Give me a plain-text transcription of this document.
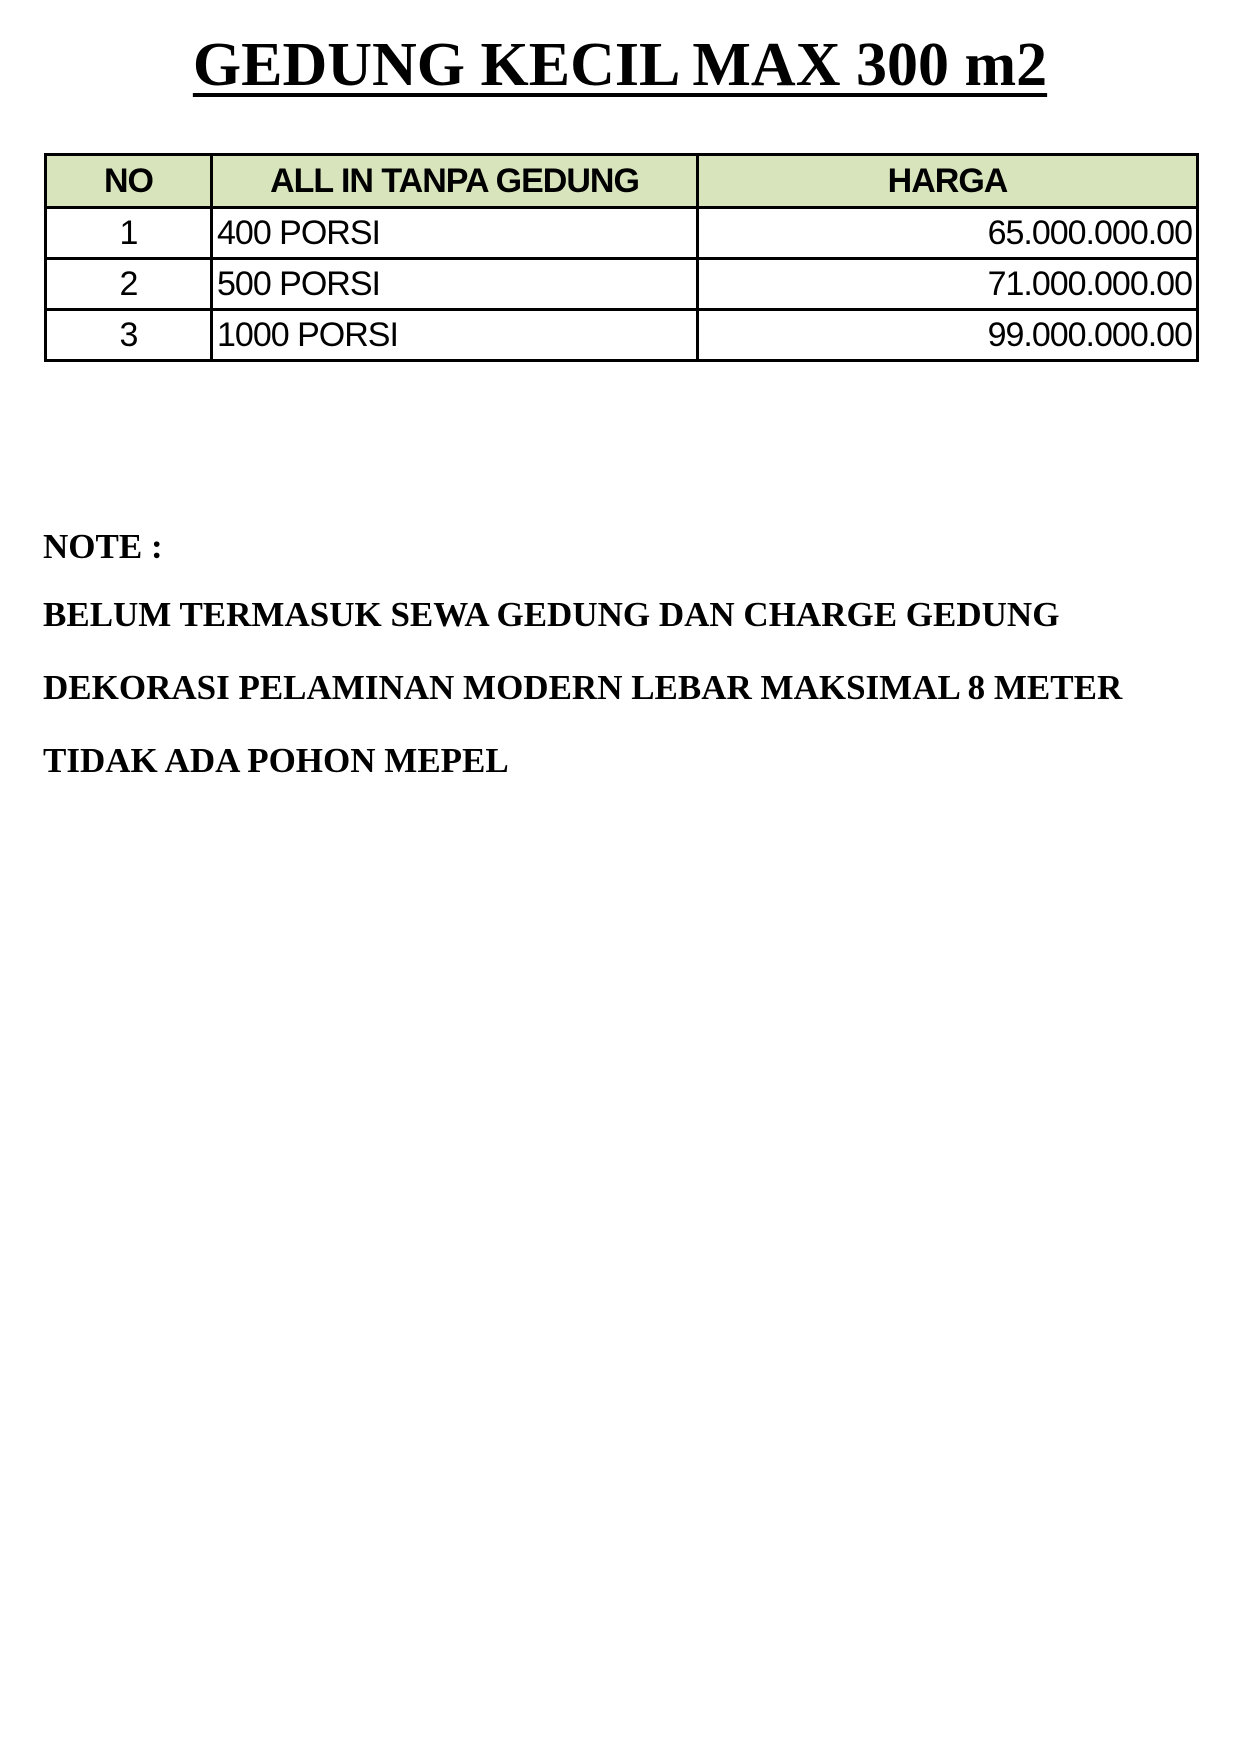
GEDUNG KECIL MAX 300 m2
NO	ALL IN TANPA GEDUNG	HARGA
1	400 PORSI	65.000.000.00
2	500 PORSI	71.000.000.00
3	1000 PORSI	99.000.000.00

NOTE :

BELUM TERMASUK SEWA GEDUNG DAN CHARGE GEDUNG

DEKORASI PELAMINAN MODERN LEBAR MAKSIMAL 8 METER

TIDAK ADA POHON MEPEL
